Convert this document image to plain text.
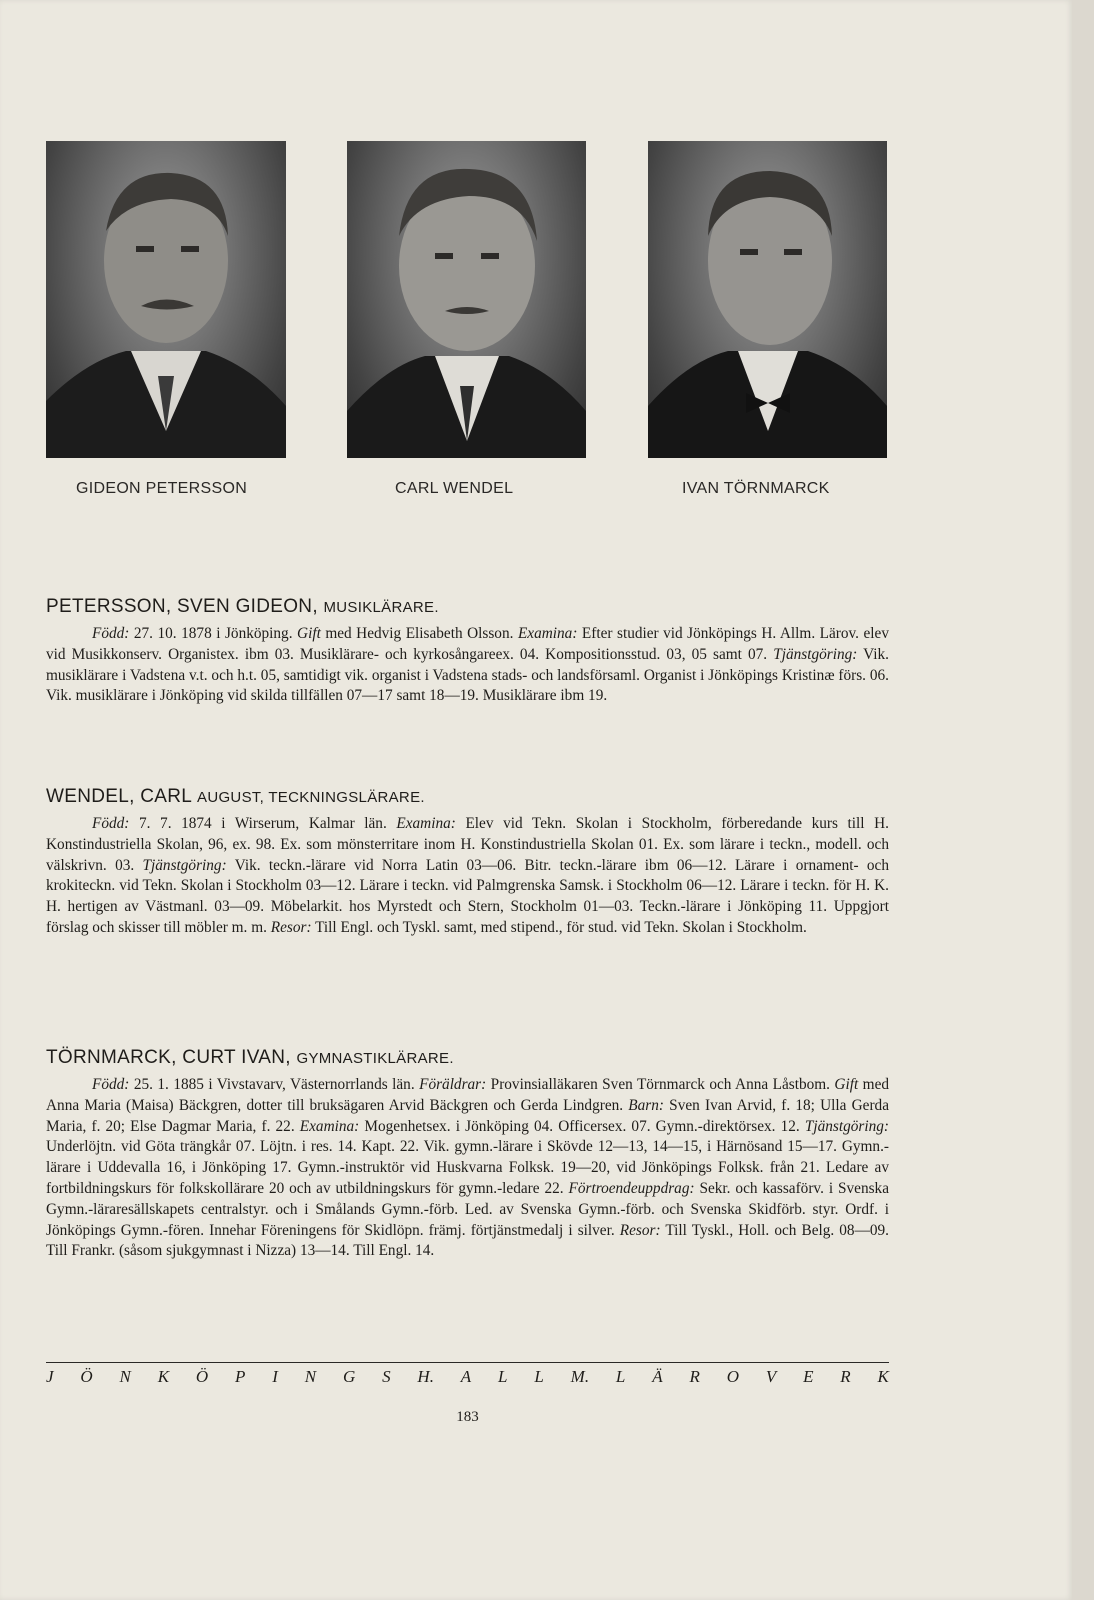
GIDEON PETERSSON	CARL WENDEL	IVAN TÖRNMARCK
PETERSSON, SVEN GIDEON, MUSIKLÄRARE.
Född: 27. 10. 1878 i Jönköping. Gift med Hedvig Elisabeth Olsson. Examina: Efter studier vid Jönköpings H. Allm. Lärov. elev vid Musikkonserv. Organistex. ibm 03. Musiklärare- och kyrkosångareex. 04. Kompositionsstud. 03, 05 samt 07. Tjänstgöring: Vik. musiklärare i Vadstena v.t. och h.t. 05, samtidigt vik. organist i Vadstena stads- och landsförsaml. Organist i Jönköpings Kristinæ förs. 06. Vik. musiklärare i Jönköping vid skilda tillfällen 07—17 samt 18—19. Musiklärare ibm 19.
WENDEL, CARL AUGUST, TECKNINGSLÄRARE.
Född: 7. 7. 1874 i Wirserum, Kalmar län. Examina: Elev vid Tekn. Skolan i Stockholm, förberedande kurs till H. Konstindustriella Skolan, 96, ex. 98. Ex. som mönsterritare inom H. Konstindustriella Skolan 01. Ex. som lärare i teckn., modell. och välskrivn. 03. Tjänstgöring: Vik. teckn.-lärare vid Norra Latin 03—06. Bitr. teckn.-lärare ibm 06—12. Lärare i ornament- och krokiteckn. vid Tekn. Skolan i Stockholm 03—12. Lärare i teckn. vid Palmgrenska Samsk. i Stockholm 06—12. Lärare i teckn. för H. K. H. hertigen av Västmanl. 03—09. Möbelarkit. hos Myrstedt och Stern, Stockholm 01—03. Teckn.-lärare i Jönköping 11. Uppgjort förslag och skisser till möbler m. m. Resor: Till Engl. och Tyskl. samt, med stipend., för stud. vid Tekn. Skolan i Stockholm.
TÖRNMARCK, CURT IVAN, GYMNASTIKLÄRARE.
Född: 25. 1. 1885 i Vivstavarv, Västernorrlands län. Föräldrar: Provinsialläkaren Sven Törnmarck och Anna Låstbom. Gift med Anna Maria (Maisa) Bäckgren, dotter till bruksägaren Arvid Bäckgren och Gerda Lindgren. Barn: Sven Ivan Arvid, f. 18; Ulla Gerda Maria, f. 20; Else Dagmar Maria, f. 22. Examina: Mogenhetsex. i Jönköping 04. Officersex. 07. Gymn.-direktörsex. 12. Tjänstgöring: Underlöjtn. vid Göta trängkår 07. Löjtn. i res. 14. Kapt. 22. Vik. gymn.-lärare i Skövde 12—13, 14—15, i Härnösand 15—17. Gymn.-lärare i Uddevalla 16, i Jönköping 17. Gymn.-instruktör vid Huskvarna Folksk. 19—20, vid Jönköpings Folksk. från 21. Ledare av fortbildningskurs för folkskollärare 20 och av utbildningskurs för gymn.-ledare 22. Förtroendeuppdrag: Sekr. och kassaförv. i Svenska Gymn.-läraresällskapets centralstyr. och i Smålands Gymn.-förb. Led. av Svenska Gymn.-förb. och Svenska Skidförb. styr. Ordf. i Jönköpings Gymn.-fören. Innehar Föreningens för Skidlöpn. främj. förtjänstmedalj i silver. Resor: Till Tyskl., Holl. och Belg. 08—09. Till Frankr. (såsom sjukgymnast i Nizza) 13—14. Till Engl. 14.
J Ö N K Ö P I N G S H. A L L M. L Ä R O V E R K
183
